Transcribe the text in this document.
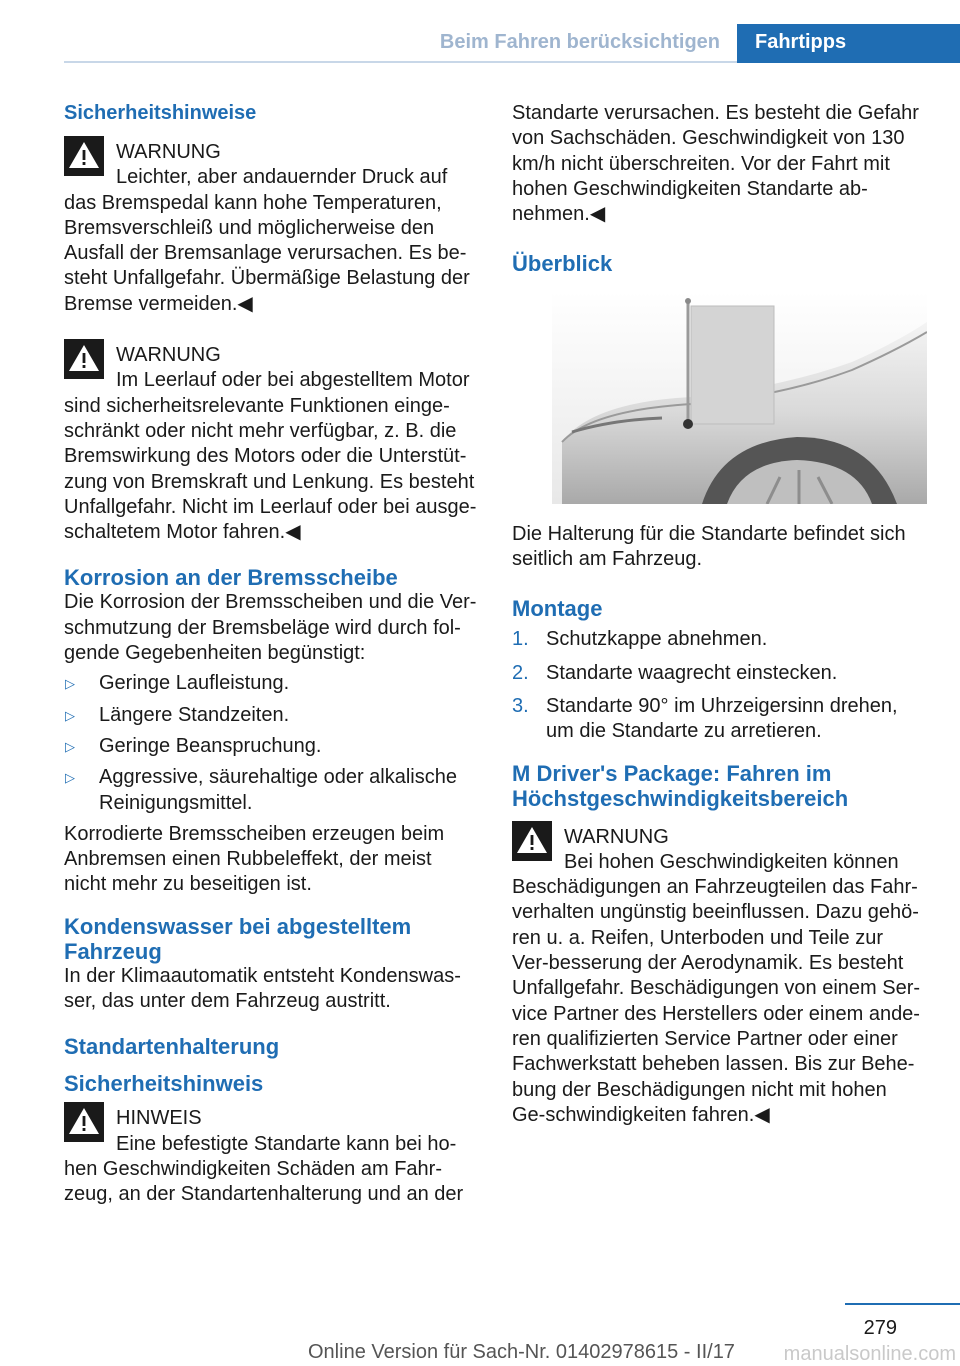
Beim Fahren berücksichtigen	Fahrtipps
Sicherheitshinweise

WARNUNG

Leichter, aber andauernder Druck auf

das Bremspedal kann hohe Temperaturen, Bremsverschleiß und möglicherweise den Ausfall der Bremsanlage verursachen. Es be‐steht Unfallgefahr. Übermäßige Belastung der Bremse vermeiden.◀

WARNUNG

Im Leerlauf oder bei abgestelltem Motor

sind sicherheitsrelevante Funktionen einge‐schränkt oder nicht mehr verfügbar, z. B. die Bremswirkung des Motors oder die Unterstüt‐zung von Bremskraft und Lenkung. Es besteht Unfallgefahr. Nicht im Leerlauf oder bei ausge‐schaltetem Motor fahren.◀

Korrosion an der Bremsscheibe

Die Korrosion der Bremsscheiben und die Ver‐schmutzung der Bremsbeläge wird durch fol‐gende Gegebenheiten begünstigt:

▷ Geringe Laufleistung.
▷ Längere Standzeiten.
▷ Geringe Beanspruchung.
▷ Aggressive, säurehaltige oder alkalische Reinigungsmittel.

Korrodierte Bremsscheiben erzeugen beim Anbremsen einen Rubbeleffekt, der meist nicht mehr zu beseitigen ist.

Kondenswasser bei abgestelltem Fahrzeug

In der Klimaautomatik entsteht Kondenswas‐ser, das unter dem Fahrzeug austritt.

Standartenhalterung
Sicherheitshinweis

HINWEIS

Eine befestigte Standarte kann bei ho‐

hen Geschwindigkeiten Schäden am Fahr‐zeug, an der Standartenhalterung und an der

Standarte verursachen. Es besteht die Gefahr von Sachschäden. Geschwindigkeit von 130 km/h nicht überschreiten. Vor der Fahrt mit hohen Geschwindigkeiten Standarte ab‐nehmen.◀

Überblick

Die Halterung für die Standarte befindet sich seitlich am Fahrzeug.

Montage
1. Schutzkappe abnehmen.
2. Standarte waagrecht einstecken.
3. Standarte 90° im Uhrzeigersinn drehen, um die Standarte zu arretieren.
M Driver's Package: Fahren im Höchstgeschwindigkeitsbereich

WARNUNG

Bei hohen Geschwindigkeiten können

Beschädigungen an Fahrzeugteilen das Fahr‐verhalten ungünstig beeinflussen. Dazu gehö‐ren u. a. Reifen, Unterboden und Teile zur Ver‐besserung der Aerodynamik. Es besteht Unfallgefahr. Beschädigungen von einem Ser‐vice Partner des Herstellers oder einem ande‐ren qualifizierten Service Partner oder einer Fachwerkstatt beheben lassen. Bis zur Behe‐bung der Beschädigungen nicht mit hohen Ge‐schwindigkeiten fahren.◀

279
Online Version für Sach-Nr. 01402978615 - II/17 manualsonline.com
